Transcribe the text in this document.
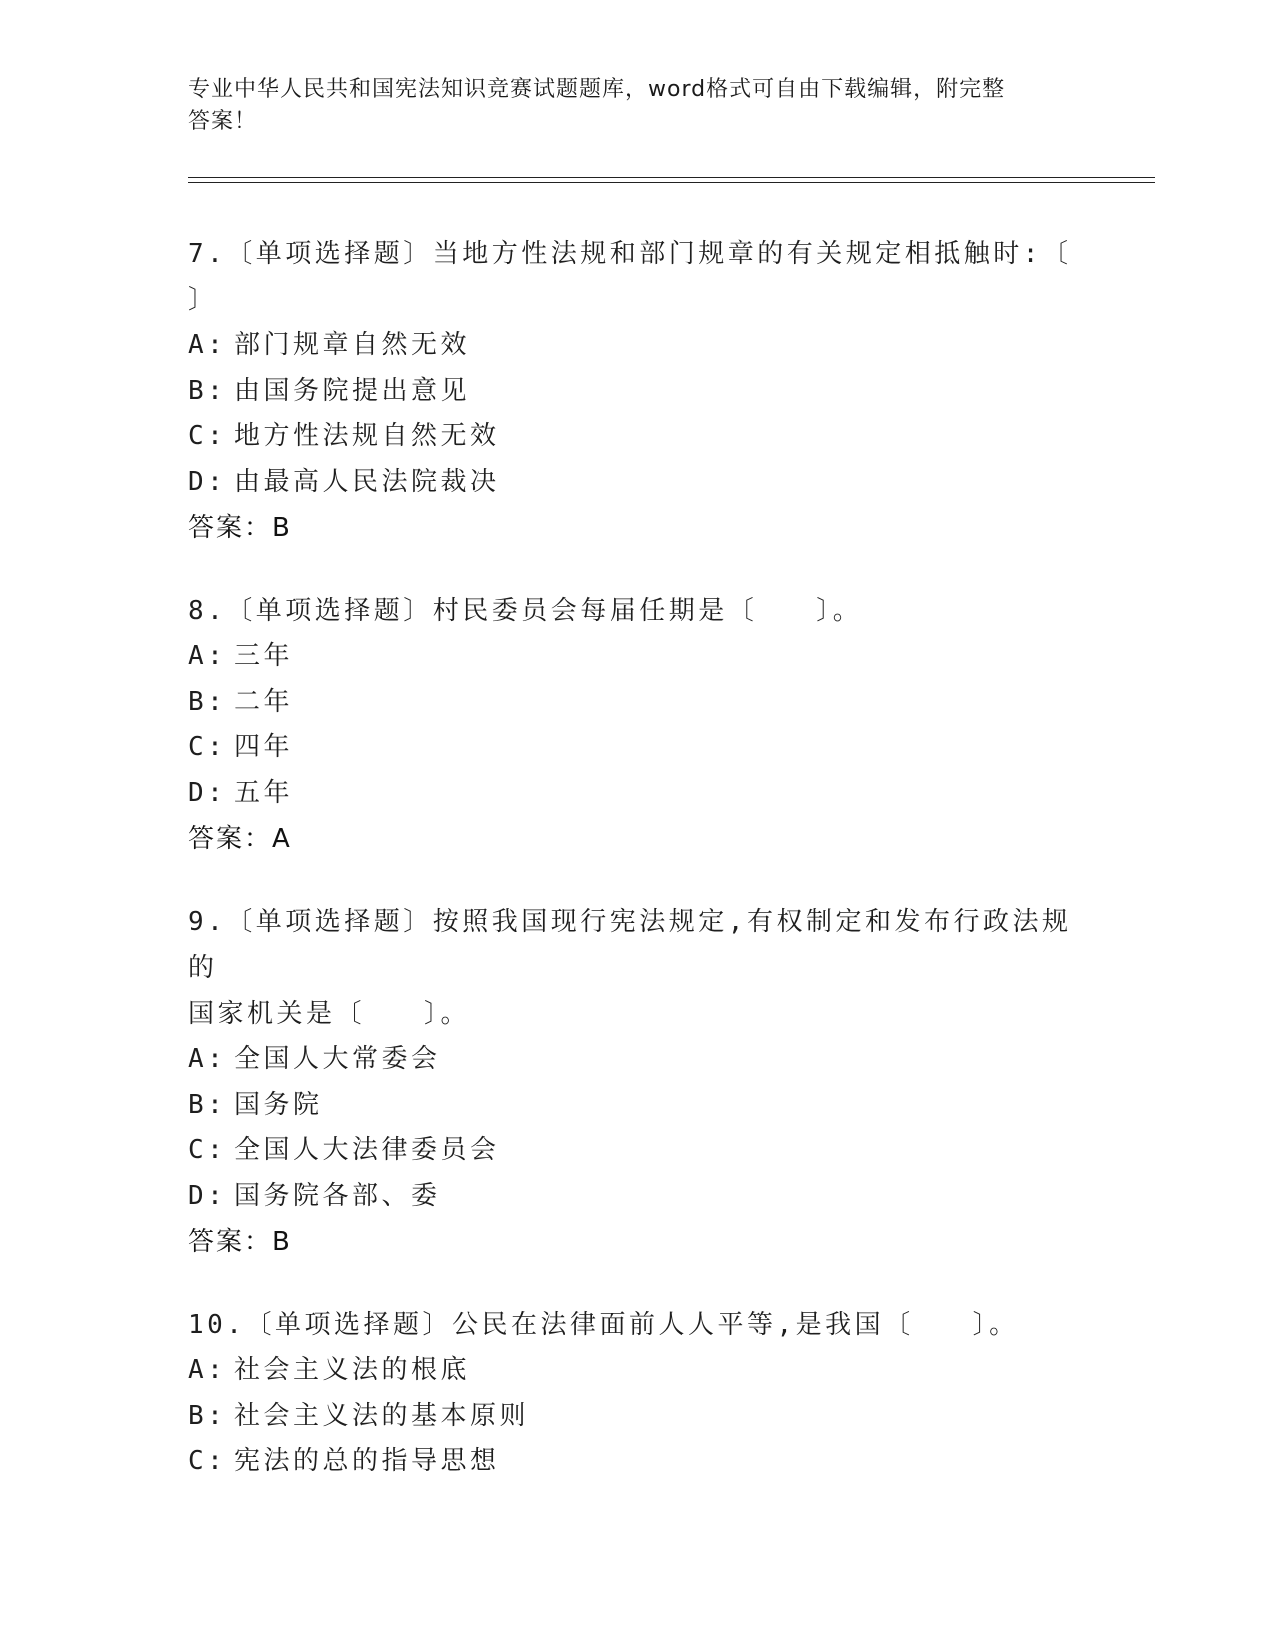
专业中华人民共和国宪法知识竞赛试题题库，word格式可自由下载编辑，附完整
答案！
7.〔单项选择题〕当地方性法规和部门规章的有关规定相抵触时:〔
〕
A: 部门规章自然无效
B: 由国务院提出意见
C: 地方性法规自然无效
D: 由最高人民法院裁决
答案：B
8.〔单项选择题〕村民委员会每届任期是〔　　〕。
A: 三年
B: 二年
C: 四年
D: 五年
答案：A
9.〔单项选择题〕按照我国现行宪法规定,有权制定和发布行政法规的
国家机关是〔　　〕。
A: 全国人大常委会
B: 国务院
C: 全国人大法律委员会
D: 国务院各部、委
答案：B
10.〔单项选择题〕公民在法律面前人人平等,是我国〔　　〕。
A: 社会主义法的根底
B: 社会主义法的基本原则
C: 宪法的总的指导思想
